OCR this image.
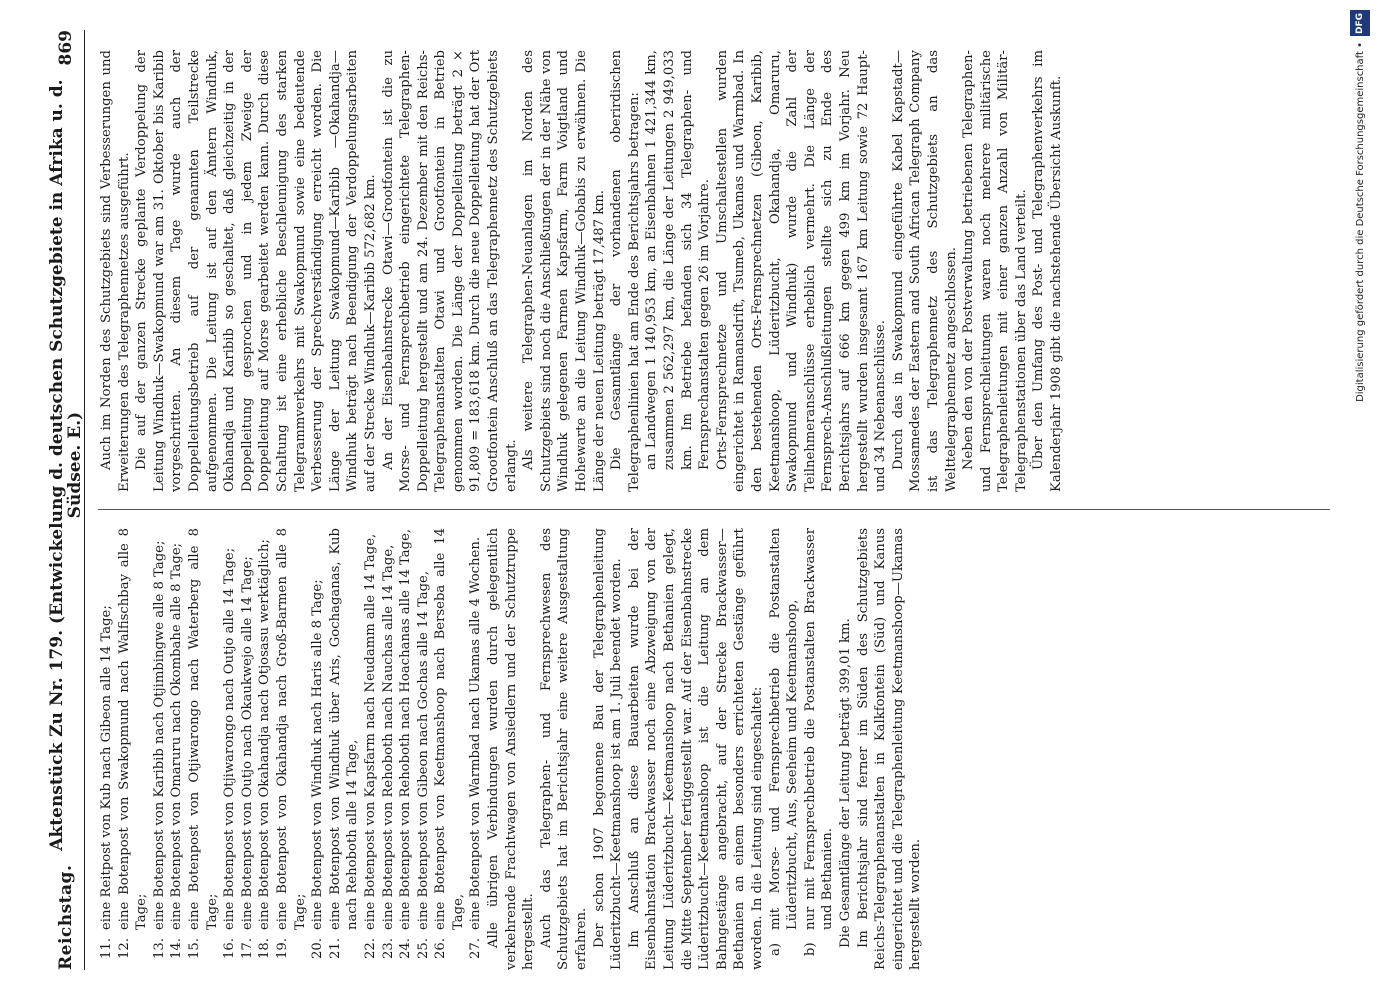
Reichstag.
Aktenstück Zu Nr. 179. (Entwickelung d. deutschen Schutzgebiete in Afrika u. d. Südsee. E.)
869
11.
eine Reitpost von Kub nach Gibeon alle 14 Tage;
12.
eine Botenpost von Swakopmund nach Walfischbay alle 8 Tage;
13.
eine Botenpost von Karibib nach Otjimbingwe alle 8 Tage;
14.
eine Botenpost von Omaruru nach Okombahe alle 8 Tage;
15.
eine Botenpost von Otjiwarongo nach Waterberg alle 8 Tage;
16.
eine Botenpost von Otjiwarongo nach Outjo alle 14 Tage;
17.
eine Botenpost von Outjo nach Okaukwejo alle 14 Tage;
18.
eine Botenpost von Okahandja nach Otjosasu werktäglich;
19.
eine Botenpost von Okahandja nach Groß-Barmen alle 8 Tage;
20.
eine Botenpost von Windhuk nach Haris alle 8 Tage;
21.
eine Botenpost von Windhuk über Aris, Gochaganas, Kub nach Rehoboth alle 14 Tage,
22.
eine Botenpost von Kapsfarm nach Neudamm alle 14 Tage,
23.
eine Botenpost von Rehoboth nach Nauchas alle 14 Tage,
24.
eine Botenpost von Rehoboth nach Hoachanas alle 14 Tage,
25.
eine Botenpost von Gibeon nach Gochas alle 14 Tage,
26.
eine Botenpost von Keetmanshoop nach Berseba alle 14 Tage,
27.
eine Botenpost von Warmbad nach Ukamas alle 4 Wochen. Alle übrigen Verbindungen wurden durch gelegentlich verkehrende Frachtwagen von Ansiedlern und der Schutztruppe hergestellt. Auch das Telegraphen- und Fernsprechwesen des Schutzgebiets hat im Berichtsjahr eine weitere Ausgestaltung erfahren. Der schon 1907 begonnene Bau der Telegraphenleitung Lüderitzbucht—Keetmanshoop ist am 1. Juli beendet worden. Im Anschluß an diese Bauarbeiten wurde bei der Eisenbahnstation Brackwasser noch eine Abzweigung von der Leitung Lüderitzbucht—Keetmanshoop nach Bethanien gelegt, die Mitte September fertiggestellt war. Auf der Eisenbahnstrecke Lüderitzbucht—Keetmanshoop ist die Leitung an dem Bahngestänge angebracht, auf der Strecke Brackwasser—Bethanien an einem besonders errichteten Gestänge geführt worden. In die Leitung sind eingeschaltet: a)
mit Morse- und Fernsprechbetrieb die Postanstalten Lüderitzbucht, Aus, Seeheim und Keetmanshoop,
b)
nur mit Fernsprechbetrieb die Postanstalten Brackwasser und Bethanien. Die Gesamtlänge der Leitung beträgt 399,01 km. Im Berichtsjahr sind ferner im Süden des Schutzgebiets Reichs-Telegraphenanstalten in Kalkfontein (Süd) und Kanus eingerichtet und die Telegraphenleitung Keetmanshoop—Ukamas hergestellt worden.

Auch im Norden des Schutzgebiets sind Verbesserungen und Erweiterungen des Telegraphennetzes ausgeführt. Die auf der ganzen Strecke geplante Verdoppelung der Leitung Windhuk—Swakopmund war am 31. Oktober bis Karibib vorgeschritten. An diesem Tage wurde auch der Doppelleitungsbetrieb auf der genannten Teilstrecke aufgenommen. Die Leitung ist auf den Ämtern Windhuk, Okahandja und Karibib so geschaltet, daß gleichzeitig in der Doppelleitung gesprochen und in jedem Zweige der Doppelleitung auf Morse gearbeitet werden kann. Durch diese Schaltung ist eine erhebliche Beschleunigung des starken Telegrammverkehrs mit Swakopmund sowie eine bedeutende Verbesserung der Sprechverständigung erreicht worden. Die Länge der Leitung Swakopmund—Karibib —Okahandja—Windhuk beträgt nach Beendigung der Verdoppelungsarbeiten auf der Strecke Windhuk—Karibib 572,682 km. An der Eisenbahnstrecke Otawi—Grootfontein ist die zu Morse- und Fernsprechbetrieb eingerichtete Telegraphen-Doppelleitung hergestellt und am 24. Dezember mit den Reichs-Telegraphenanstalten Otawi und Grootfontein in Betrieb genommen worden. Die Länge der Doppelleitung beträgt 2 × 91,809 = 183,618 km. Durch die neue Doppelleitung hat der Ort Grootfontein Anschluß an das Telegraphennetz des Schutzgebiets erlangt. Als weitere Telegraphen-Neuanlagen im Norden des Schutzgebiets sind noch die Anschließungen der in der Nähe von Windhuk gelegenen Farmen Kapsfarm, Farm Voigtland und Hohewarte an die Leitung Windhuk—Gobabis zu erwähnen. Die Länge der neuen Leitung beträgt 17,487 km. Die Gesamtlänge der vorhandenen oberirdischen Telegraphenlinien hat am Ende des Berichtsjahrs betragen: an Landwegen 1 140,953 km, an Eisenbahnen 1 421,344 km, zusammen 2 562,297 km, die Länge der Leitungen 2 949,033 km. Im Betriebe befanden sich 34 Telegraphen- und Fernsprechanstalten gegen 26 im Vorjahre. Orts-Fernsprechnetze und Umschaltestellen wurden eingerichtet in Ramansdrift, Tsumeb, Ukamas und Warmbad. In den bestehenden Orts-Fernsprechnetzen (Gibeon, Karibib, Keetmanshoop, Lüderitzbucht, Okahandja, Omaruru, Swakopmund und Windhuk) wurde die Zahl der Teilnehmeranschlüsse erheblich vermehrt. Die Länge der Fernsprech-Anschlußleitungen stellte sich zu Ende des Berichtsjahrs auf 666 km gegen 499 km im Vorjahr. Neu hergestellt wurden insgesamt 167 km Leitung sowie 72 Haupt- und 34 Nebenanschlüsse. Durch das in Swakopmund eingeführte Kabel Kapstadt—Mossamedes der Eastern and South African Telegraph Company ist das Telegraphennetz des Schutzgebiets an das Welttelegraphennetz angeschlossen. Neben den von der Postverwaltung betriebenen Telegraphen- und Fernsprechleitungen waren noch mehrere militärische Telegraphenleitungen mit einer ganzen Anzahl von Militär-Telegraphenstationen über das Land verteilt. Über den Umfang des Post- und Telegraphenverkehrs im Kalenderjahr 1908 gibt die nachstehende Übersicht Auskunft.

DFG
Digitalisierung gefördert durch die Deutsche Forschungsgemeinschaft •
